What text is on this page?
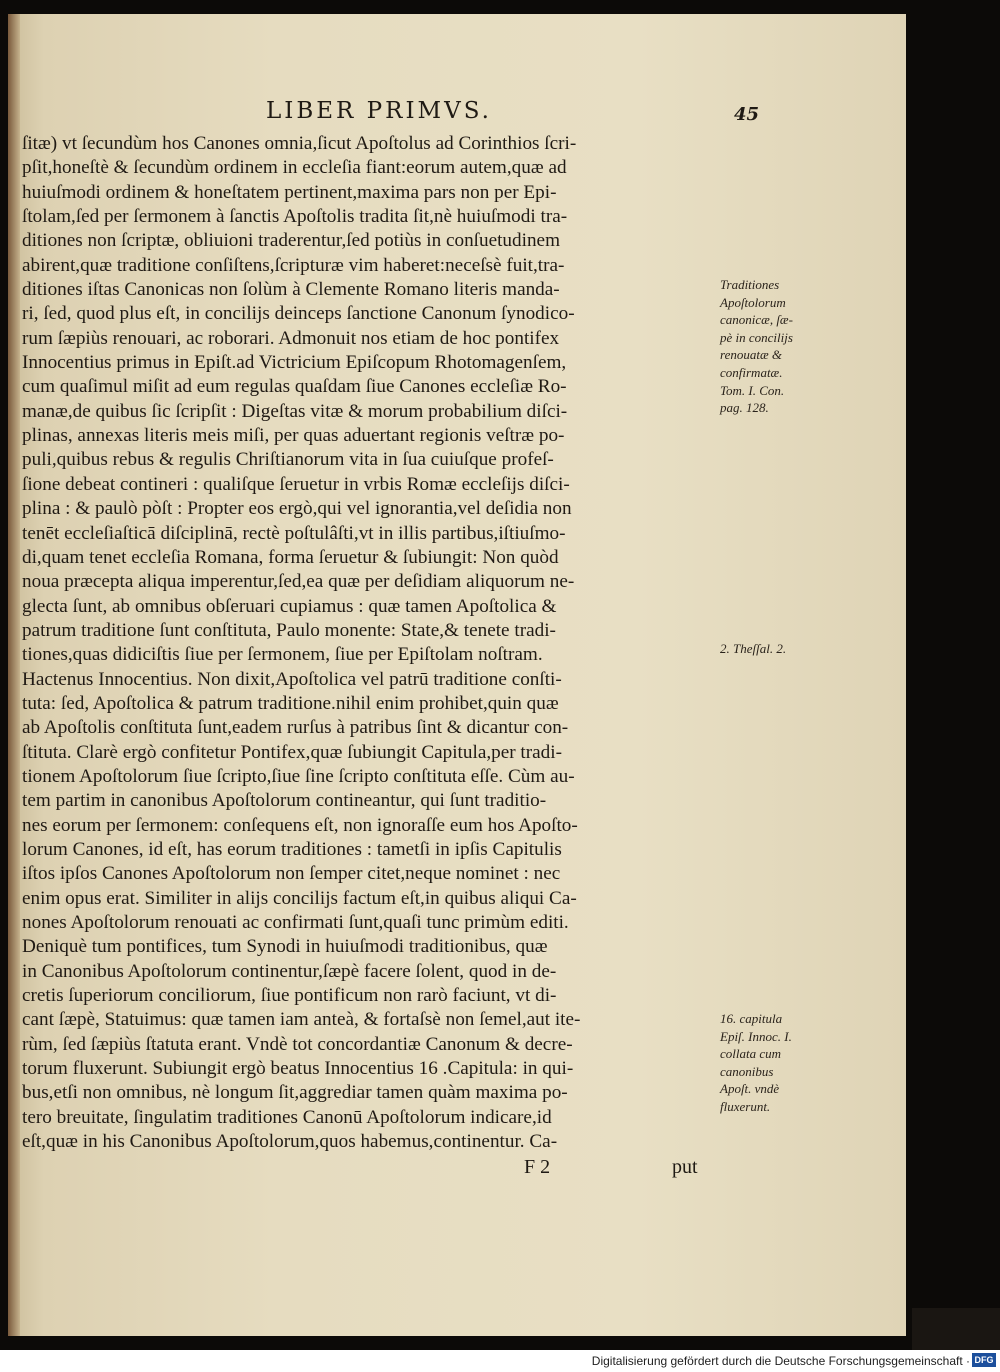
LIBER PRIMVS.	45
ſitæ) vt ſecundùm hos Canones omnia,ſicut Apoſtolus ad Corinthios ſcri-
pſit,honeſtè & ſecundùm ordinem in eccleſia fiant:eorum autem,quæ ad
huiuſmodi ordinem & honeſtatem pertinent,maxima pars non per Epi-
ſtolam,ſed per ſermonem à ſanctis Apoſtolis tradita ſit,nè huiuſmodi tra-
ditiones non ſcriptæ, obliuioni traderentur,ſed potiùs in conſuetudinem
abirent,quæ traditione conſiſtens,ſcripturæ vim haberet:neceſsè fuit,tra-
ditiones iſtas Canonicas non ſolùm à Clemente Romano literis manda-
ri, ſed, quod plus eſt, in concilijs deinceps ſanctione Canonum ſynodico-
rum ſæpiùs renouari, ac roborari. Admonuit nos etiam de hoc pontifex
Innocentius primus in Epiſt.ad Victricium Epiſcopum Rhotomagenſem,
cum quaſimul miſit ad eum regulas quaſdam ſiue Canones eccleſiæ Ro-
manæ,de quibus ſic ſcripſit : Digeſtas vitæ & morum probabilium diſci-
plinas, annexas literis meis miſi, per quas aduertant regionis veſtræ po-
puli,quibus rebus & regulis Chriſtianorum vita in ſua cuiuſque profeſ-
ſione debeat contineri : qualiſque ſeruetur in vrbis Romæ eccleſijs diſci-
plina : & paulò pòſt : Propter eos ergò,qui vel ignorantia,vel deſidia non
tenēt eccleſiaſticā diſciplinā, rectè poſtulâſti,vt in illis partibus,iſtiuſmo-
di,quam tenet eccleſia Romana, forma ſeruetur & ſubiungit: Non quòd
noua præcepta aliqua imperentur,ſed,ea quæ per deſidiam aliquorum ne-
glecta ſunt, ab omnibus obſeruari cupiamus : quæ tamen Apoſtolica &
patrum traditione ſunt conſtituta, Paulo monente: State,& tenete tradi-
tiones,quas didiciſtis ſiue per ſermonem, ſiue per Epiſtolam noſtram.
Hactenus Innocentius. Non dixit,Apoſtolica vel patrū traditione conſti-
tuta: ſed, Apoſtolica & patrum traditione.nihil enim prohibet,quin quæ
ab Apoſtolis conſtituta ſunt,eadem rurſus à patribus ſint & dicantur con-
ſtituta. Clarè ergò confitetur Pontifex,quæ ſubiungit Capitula,per tradi-
tionem Apoſtolorum ſiue ſcripto,ſiue ſine ſcripto conſtituta eſſe. Cùm au-
tem partim in canonibus Apoſtolorum contineantur, qui ſunt traditio-
nes eorum per ſermonem: conſequens eſt, non ignoraſſe eum hos Apoſto-
lorum Canones, id eſt, has eorum traditiones : tametſi in ipſis Capitulis
iſtos ipſos Canones Apoſtolorum non ſemper citet,neque nominet : nec
enim opus erat. Similiter in alijs concilijs factum eſt,in quibus aliqui Ca-
nones Apoſtolorum renouati ac confirmati ſunt,quaſi tunc primùm editi.
Deniquè tum pontifices, tum Synodi in huiuſmodi traditionibus, quæ
in Canonibus Apoſtolorum continentur,ſæpè facere ſolent, quod in de-
cretis ſuperiorum conciliorum, ſiue pontificum non rarò faciunt, vt di-
cant ſæpè, Statuimus: quæ tamen iam anteà, & fortaſsè non ſemel,aut ite-
rùm, ſed ſæpiùs ſtatuta erant. Vndè tot concordantiæ Canonum & decre-
torum fluxerunt. Subiungit ergò beatus Innocentius 16 .Capitula: in qui-
bus,etſi non omnibus, nè longum ſit,aggrediar tamen quàm maxima po-
tero breuitate, ſingulatim traditiones Canonū Apoſtolorum indicare,id
eſt,quæ in his Canonibus Apoſtolorum,quos habemus,continentur. Ca-
Traditiones
Apoſtolorum
canonicæ, ſæ-
pè in concilijs
renouatæ &
confirmatæ.
Tom. I. Con.
pag. 128.
2. Theſſal. 2.
16. capitula
Epiſ. Innoc. I.
collata cum
canonibus
Apoſt. vndè
fluxerunt.
F 2	put
Digitalisierung gefördert durch die Deutsche Forschungsgemeinschaft · DFG
